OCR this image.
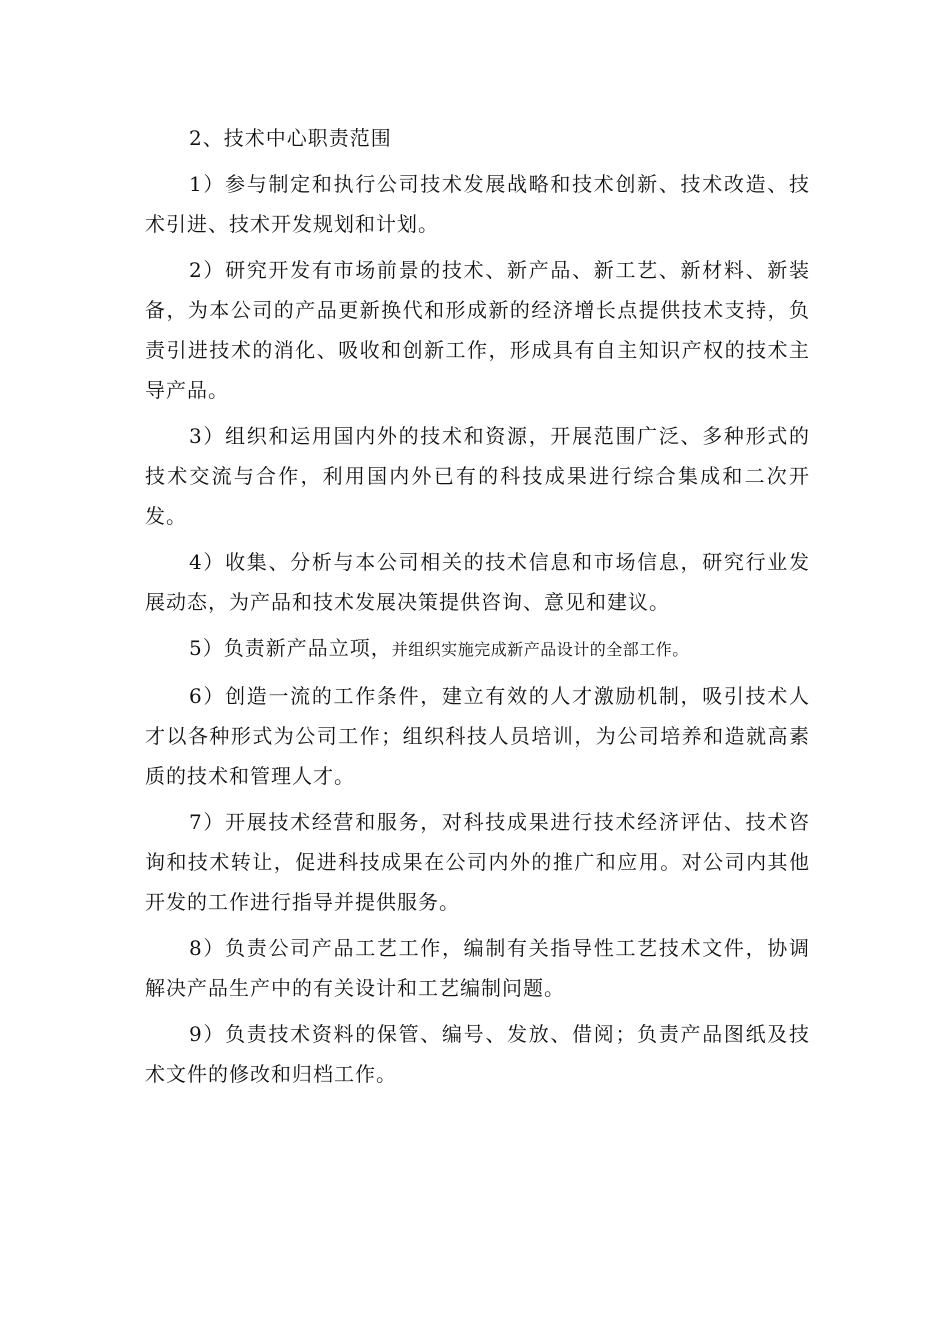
2、技术中心职责范围

1）参与制定和执行公司技术发展战略和技术创新、技术改造、技术引进、技术开发规划和计划。

2）研究开发有市场前景的技术、新产品、新工艺、新材料、新装备，为本公司的产品更新换代和形成新的经济增长点提供技术支持，负责引进技术的消化、吸收和创新工作，形成具有自主知识产权的技术主导产品。

3）组织和运用国内外的技术和资源，开展范围广泛、多种形式的技术交流与合作，利用国内外已有的科技成果进行综合集成和二次开发。

4）收集、分析与本公司相关的技术信息和市场信息，研究行业发展动态，为产品和技术发展决策提供咨询、意见和建议。

5）负责新产品立项，并组织实施完成新产品设计的全部工作。

6）创造一流的工作条件，建立有效的人才激励机制，吸引技术人才以各种形式为公司工作；组织科技人员培训，为公司培养和造就高素质的技术和管理人才。

7）开展技术经营和服务，对科技成果进行技术经济评估、技术咨询和技术转让，促进科技成果在公司内外的推广和应用。对公司内其他开发的工作进行指导并提供服务。

8）负责公司产品工艺工作，编制有关指导性工艺技术文件，协调解决产品生产中的有关设计和工艺编制问题。

9）负责技术资料的保管、编号、发放、借阅；负责产品图纸及技术文件的修改和归档工作。
